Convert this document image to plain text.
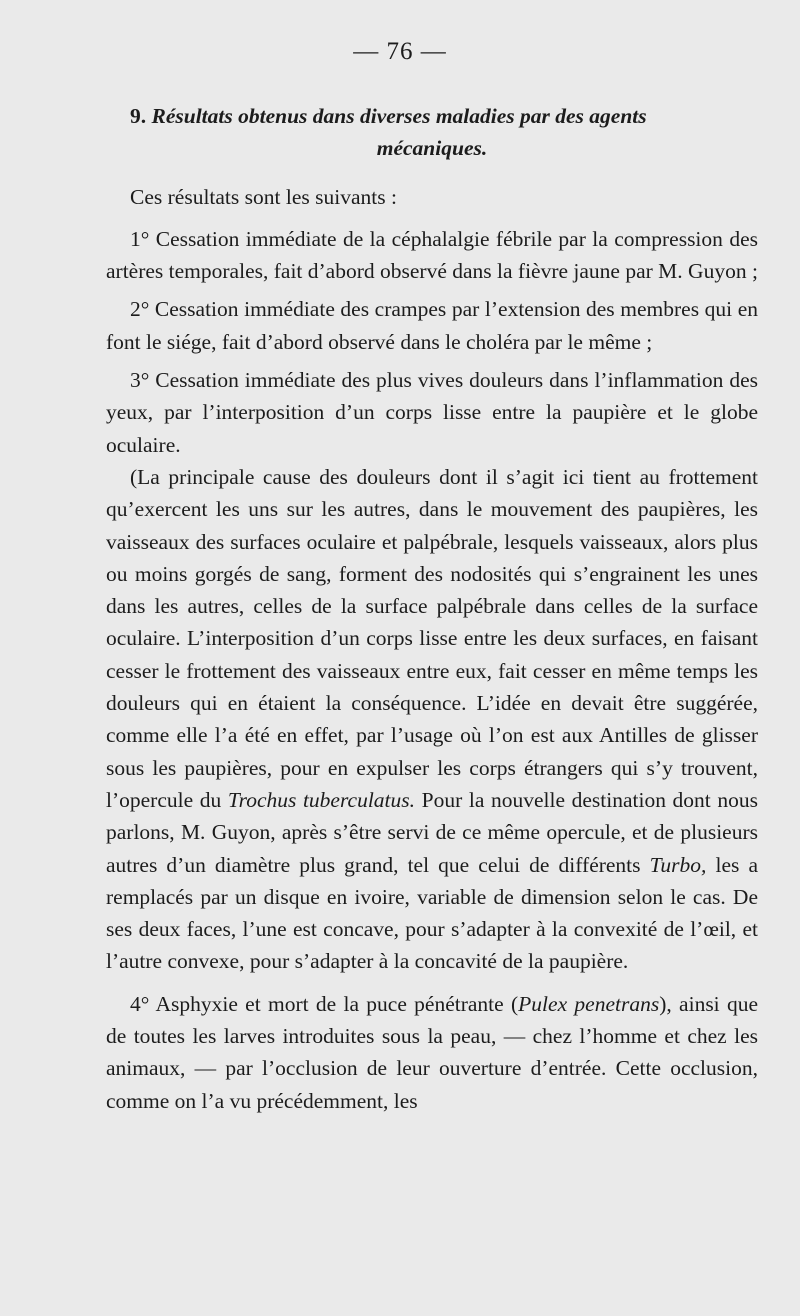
— 76 —
9. Résultats obtenus dans diverses maladies par des agents
mécaniques.

Ces résultats sont les suivants :

1° Cessation immédiate de la céphalalgie fébrile par la compression des artères temporales, fait d’abord observé dans la fièvre jaune par M. Guyon ;

2° Cessation immédiate des crampes par l’extension des membres qui en font le siége, fait d’abord observé dans le choléra par le même ;

3° Cessation immédiate des plus vives douleurs dans l’inflammation des yeux, par l’interposition d’un corps lisse entre la paupière et le globe oculaire.

(La principale cause des douleurs dont il s’agit ici tient au frottement qu’exercent les uns sur les autres, dans le mouvement des paupières, les vaisseaux des surfaces oculaire et palpébrale, lesquels vaisseaux, alors plus ou moins gorgés de sang, forment des nodosités qui s’engrainent les unes dans les autres, celles de la surface palpébrale dans celles de la surface oculaire. L’interposition d’un corps lisse entre les deux surfaces, en faisant cesser le frottement des vaisseaux entre eux, fait cesser en même temps les douleurs qui en étaient la conséquence. L’idée en devait être suggérée, comme elle l’a été en effet, par l’usage où l’on est aux Antilles de glisser sous les paupières, pour en expulser les corps étrangers qui s’y trouvent, l’opercule du Trochus tuberculatus. Pour la nouvelle destination dont nous parlons, M. Guyon, après s’être servi de ce même opercule, et de plusieurs autres d’un diamètre plus grand, tel que celui de différents Turbo, les a remplacés par un disque en ivoire, variable de dimension selon le cas. De ses deux faces, l’une est concave, pour s’adapter à la convexité de l’œil, et l’autre convexe, pour s’adapter à la concavité de la paupière.

4° Asphyxie et mort de la puce pénétrante (Pulex penetrans), ainsi que de toutes les larves introduites sous la peau, — chez l’homme et chez les animaux, — par l’occlusion de leur ouverture d’entrée. Cette occlusion, comme on l’a vu précédemment, les
